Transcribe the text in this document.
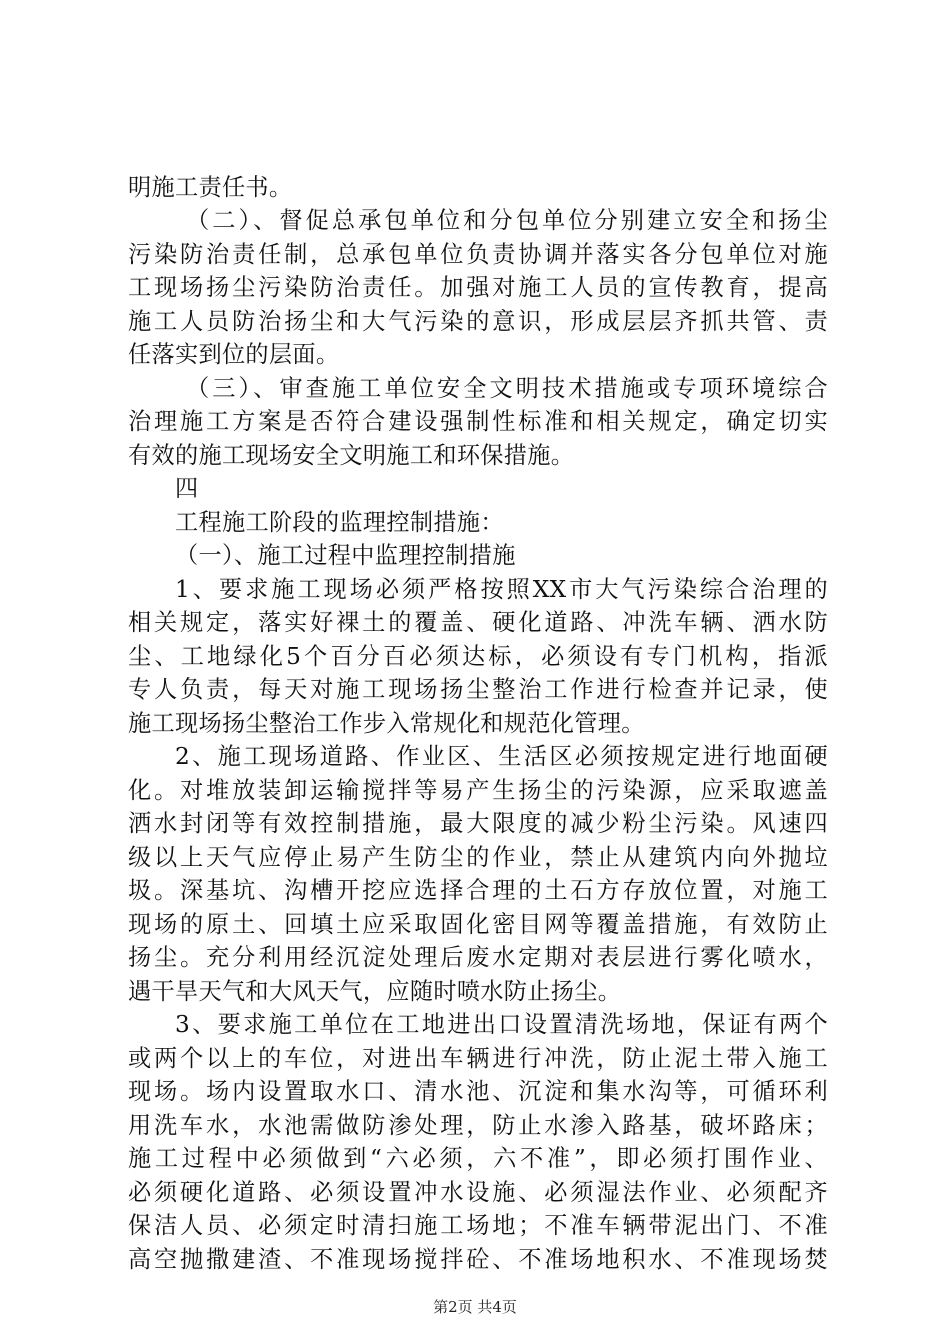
明施工责任书。
（二）、督促总承包单位和分包单位分别建立安全和扬尘
污染防治责任制，总承包单位负责协调并落实各分包单位对施
工现场扬尘污染防治责任。加强对施工人员的宣传教育，提高
施工人员防治扬尘和大气污染的意识，形成层层齐抓共管、责
任落实到位的层面。
（三）、审查施工单位安全文明技术措施或专项环境综合
治理施工方案是否符合建设强制性标准和相关规定，确定切实
有效的施工现场安全文明施工和环保措施。
四
工程施工阶段的监理控制措施：
（一）、施工过程中监理控制措施
1、要求施工现场必须严格按照XX市大气污染综合治理的
相关规定，落实好裸土的覆盖、硬化道路、冲洗车辆、洒水防
尘、工地绿化5个百分百必须达标，必须设有专门机构，指派
专人负责，每天对施工现场扬尘整治工作进行检查并记录，使
施工现场扬尘整治工作步入常规化和规范化管理。
2、施工现场道路、作业区、生活区必须按规定进行地面硬
化。对堆放装卸运输搅拌等易产生扬尘的污染源，应采取遮盖
洒水封闭等有效控制措施，最大限度的减少粉尘污染。风速四
级以上天气应停止易产生防尘的作业，禁止从建筑内向外抛垃
圾。深基坑、沟槽开挖应选择合理的土石方存放位置，对施工
现场的原土、回填土应采取固化密目网等覆盖措施，有效防止
扬尘。充分利用经沉淀处理后废水定期对表层进行雾化喷水，
遇干旱天气和大风天气，应随时喷水防止扬尘。
3、要求施工单位在工地进出口设置清洗场地，保证有两个
或两个以上的车位，对进出车辆进行冲洗，防止泥土带入施工
现场。场内设置取水口、清水池、沉淀和集水沟等，可循环利
用洗车水，水池需做防渗处理，防止水渗入路基，破坏路床；
施工过程中必须做到“六必须，六不准”，即必须打围作业、
必须硬化道路、必须设置冲水设施、必须湿法作业、必须配齐
保洁人员、必须定时清扫施工场地；不准车辆带泥出门、不准
高空抛撒建渣、不准现场搅拌砼、不准场地积水、不准现场焚
第2页 共4页
